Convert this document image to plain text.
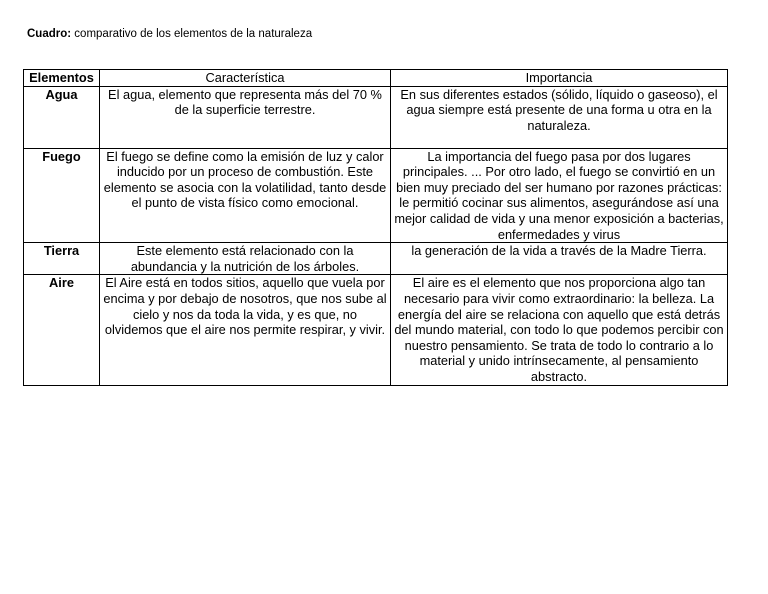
Cuadro: comparativo de los elementos de la naturaleza
Elementos	Característica	Importancia
Agua	El agua, elemento que representa más del 70 % de la superficie terrestre.	En sus diferentes estados (sólido, líquido o gaseoso), el agua siempre está presente de una forma u otra en la naturaleza.
Fuego	El fuego se define como la emisión de luz y calor inducido por un proceso de combustión. Este elemento se asocia con la volatilidad, tanto desde el punto de vista físico como emocional.	La importancia del fuego pasa por dos lugares principales. ... Por otro lado, el fuego se convirtió en un bien muy preciado del ser humano por razones prácticas: le permitió cocinar sus alimentos, asegurándose así una mejor calidad de vida y una menor exposición a bacterias, enfermedades y virus
Tierra	Este elemento está relacionado con la abundancia y la nutrición de los árboles.	la generación de la vida a través de la Madre Tierra.
Aire	El Aire está en todos sitios, aquello que vuela por encima y por debajo de nosotros, que nos sube al cielo y nos da toda la vida, y es que, no olvidemos que el aire nos permite respirar, y vivir.	El aire es el elemento que nos proporciona algo tan necesario para vivir como extraordinario: la belleza. La energía del aire se relaciona con aquello que está detrás del mundo material, con todo lo que podemos percibir con nuestro pensamiento. Se trata de todo lo contrario a lo material y unido intrínsecamente, al pensamiento abstracto.
